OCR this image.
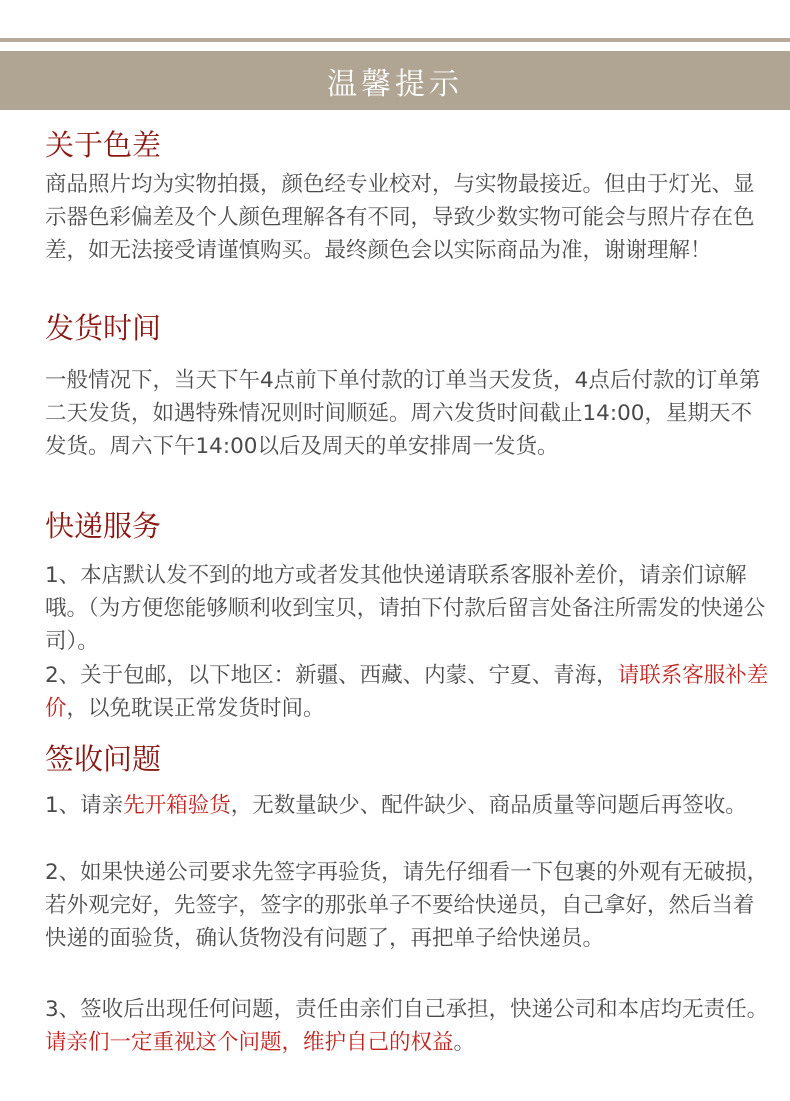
温馨提示
关于色差

商品照片均为实物拍摄，颜色经专业校对，与实物最接近。但由于灯光、显示器色彩偏差及个人颜色理解各有不同，导致少数实物可能会与照片存在色差，如无法接受请谨慎购买。最终颜色会以实际商品为准，谢谢理解！

发货时间

一般情况下，当天下午4点前下单付款的订单当天发货，4点后付款的订单第二天发货，如遇特殊情况则时间顺延。周六发货时间截止14:00，星期天不发货。周六下午14:00以后及周天的单安排周一发货。

快递服务

1、本店默认发不到的地方或者发其他快递请联系客服补差价，请亲们谅解哦。（为方便您能够顺利收到宝贝，请拍下付款后留言处备注所需发的快递公司）。

2、关于包邮，以下地区：新疆、西藏、内蒙、宁夏、青海，请联系客服补差价，以免耽误正常发货时间。

签收问题

1、请亲先开箱验货，无数量缺少、配件缺少、商品质量等问题后再签收。

2、如果快递公司要求先签字再验货，请先仔细看一下包裹的外观有无破损，若外观完好，先签字，签字的那张单子不要给快递员，自己拿好，然后当着快递的面验货，确认货物没有问题了，再把单子给快递员。

3、签收后出现任何问题，责任由亲们自己承担，快递公司和本店均无责任。请亲们一定重视这个问题，维护自己的权益。
